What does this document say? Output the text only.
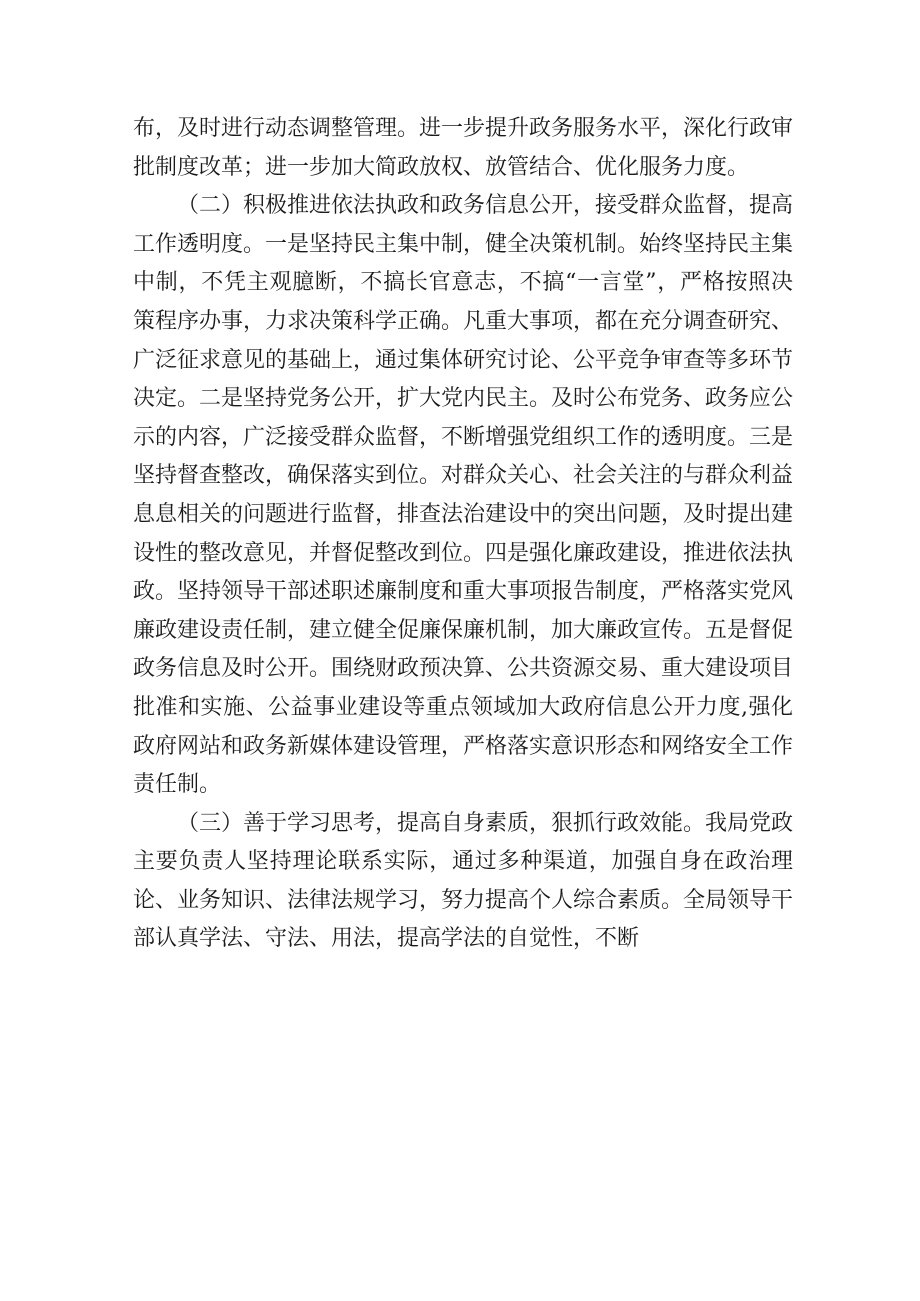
布，及时进行动态调整管理。进一步提升政务服务水平，深化行政审批制度改革；进一步加大简政放权、放管结合、优化服务力度。

（二）积极推进依法执政和政务信息公开，接受群众监督，提高工作透明度。一是坚持民主集中制，健全决策机制。始终坚持民主集中制，不凭主观臆断，不搞长官意志，不搞“一言堂”，严格按照决策程序办事，力求决策科学正确。凡重大事项，都在充分调查研究、广泛征求意见的基础上，通过集体研究讨论、公平竞争审查等多环节决定。二是坚持党务公开，扩大党内民主。及时公布党务、政务应公示的内容，广泛接受群众监督，不断增强党组织工作的透明度。三是坚持督查整改，确保落实到位。对群众关心、社会关注的与群众利益息息相关的问题进行监督，排查法治建设中的突出问题，及时提出建设性的整改意见，并督促整改到位。四是强化廉政建设，推进依法执政。坚持领导干部述职述廉制度和重大事项报告制度，严格落实党风廉政建设责任制，建立健全促廉保廉机制，加大廉政宣传。五是督促政务信息及时公开。围绕财政预决算、公共资源交易、重大建设项目批准和实施、公益事业建设等重点领域加大政府信息公开力度,强化政府网站和政务新媒体建设管理，严格落实意识形态和网络安全工作责任制。

（三）善于学习思考，提高自身素质，狠抓行政效能。我局党政主要负责人坚持理论联系实际，通过多种渠道，加强自身在政治理论、业务知识、法律法规学习，努力提高个人综合素质。全局领导干部认真学法、守法、用法，提高学法的自觉性，不断
